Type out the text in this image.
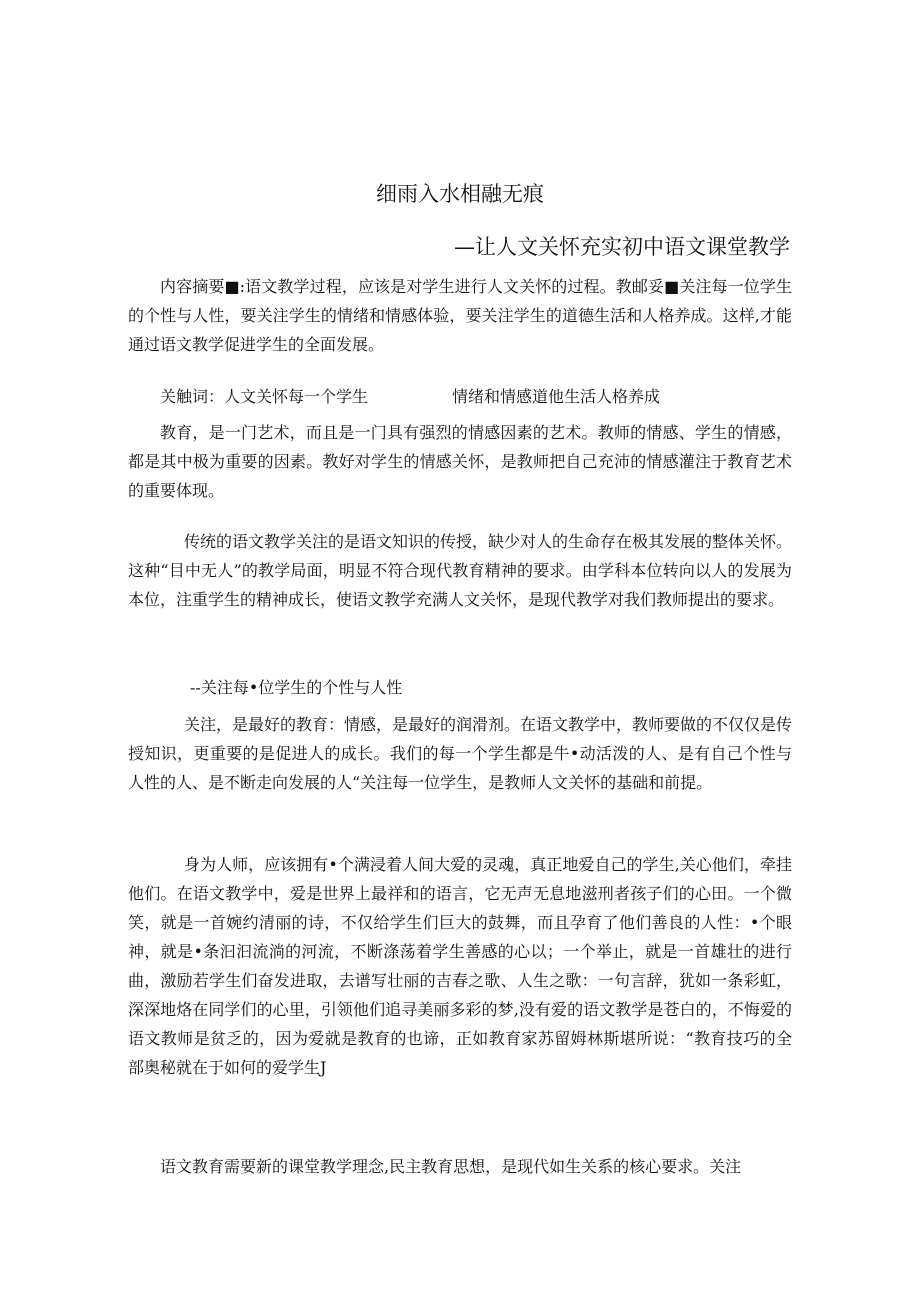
细雨入水相融无痕
—让人文关怀充实初中语文课堂教学
内容摘要■:语文教学过程，应该是对学生进行人文关怀的过程。教邮妥■关注每一位学生的个性与人性，要关注学生的情绪和情感体验，要关注学生的道德生活和人格养成。这样,才能通过语文教学促进学生的全面发展。
关触词：人文关怀每一个学生	情绪和情感道他生活人格养成
教育，是一门艺术，而且是一门具有强烈的情感因素的艺术。教师的情感、学生的情感，都是其中极为重要的因素。教好对学生的情感关怀，是教师把自己充沛的情感灌注于教育艺术的重要体现。
传统的语文教学关注的是语文知识的传授，缺少对人的生命存在极其发展的整体关怀。这种“目中无人”的教学局面，明显不符合现代教育精神的要求。由学科本位转向以人的发展为本位，注重学生的精神成长，使语文教学充满人文关怀，是现代教学对我们教师提出的要求。
--关注每•位学生的个性与人性
关注，是最好的教育：情感，是最好的润滑剂。在语文教学中，教师要做的不仅仅是传授知识，更重要的是促进人的成长。我们的每一个学生都是牛•动活泼的人、是有自己个性与人性的人、是不断走向发展的人“关注每一位学生，是教师人文关怀的基础和前提。
身为人师，应该拥有•个满浸着人间大爱的灵魂，真正地爱自己的学生,关心他们，牵挂他们。在语文教学中，爱是世界上最祥和的语言，它无声无息地滋刑者孩子们的心田。一个微笑，就是一首婉约清丽的诗，不仅给学生们巨大的鼓舞，而且孕育了他们善良的人性：•个眼神，就是•条汩汩流淌的河流，不断涤荡着学生善感的心以；一个举止，就是一首雄壮的进行曲，激励若学生们奋发进取，去谱写壮丽的吉春之歌、人生之歌：一句言辞，犹如一条彩虹，深深地烙在同学们的心里，引领他们追寻美丽多彩的梦,没有爱的语文教学是苍白的，不悔爱的语文教师是贫乏的，因为爱就是教育的也谛，正如教育家苏留姆林斯堪所说：“教育技巧的全部奥秘就在于如何的爱学生J
语文教育需要新的课堂教学理念,民主教育思想，是现代如生关系的核心要求。关注
